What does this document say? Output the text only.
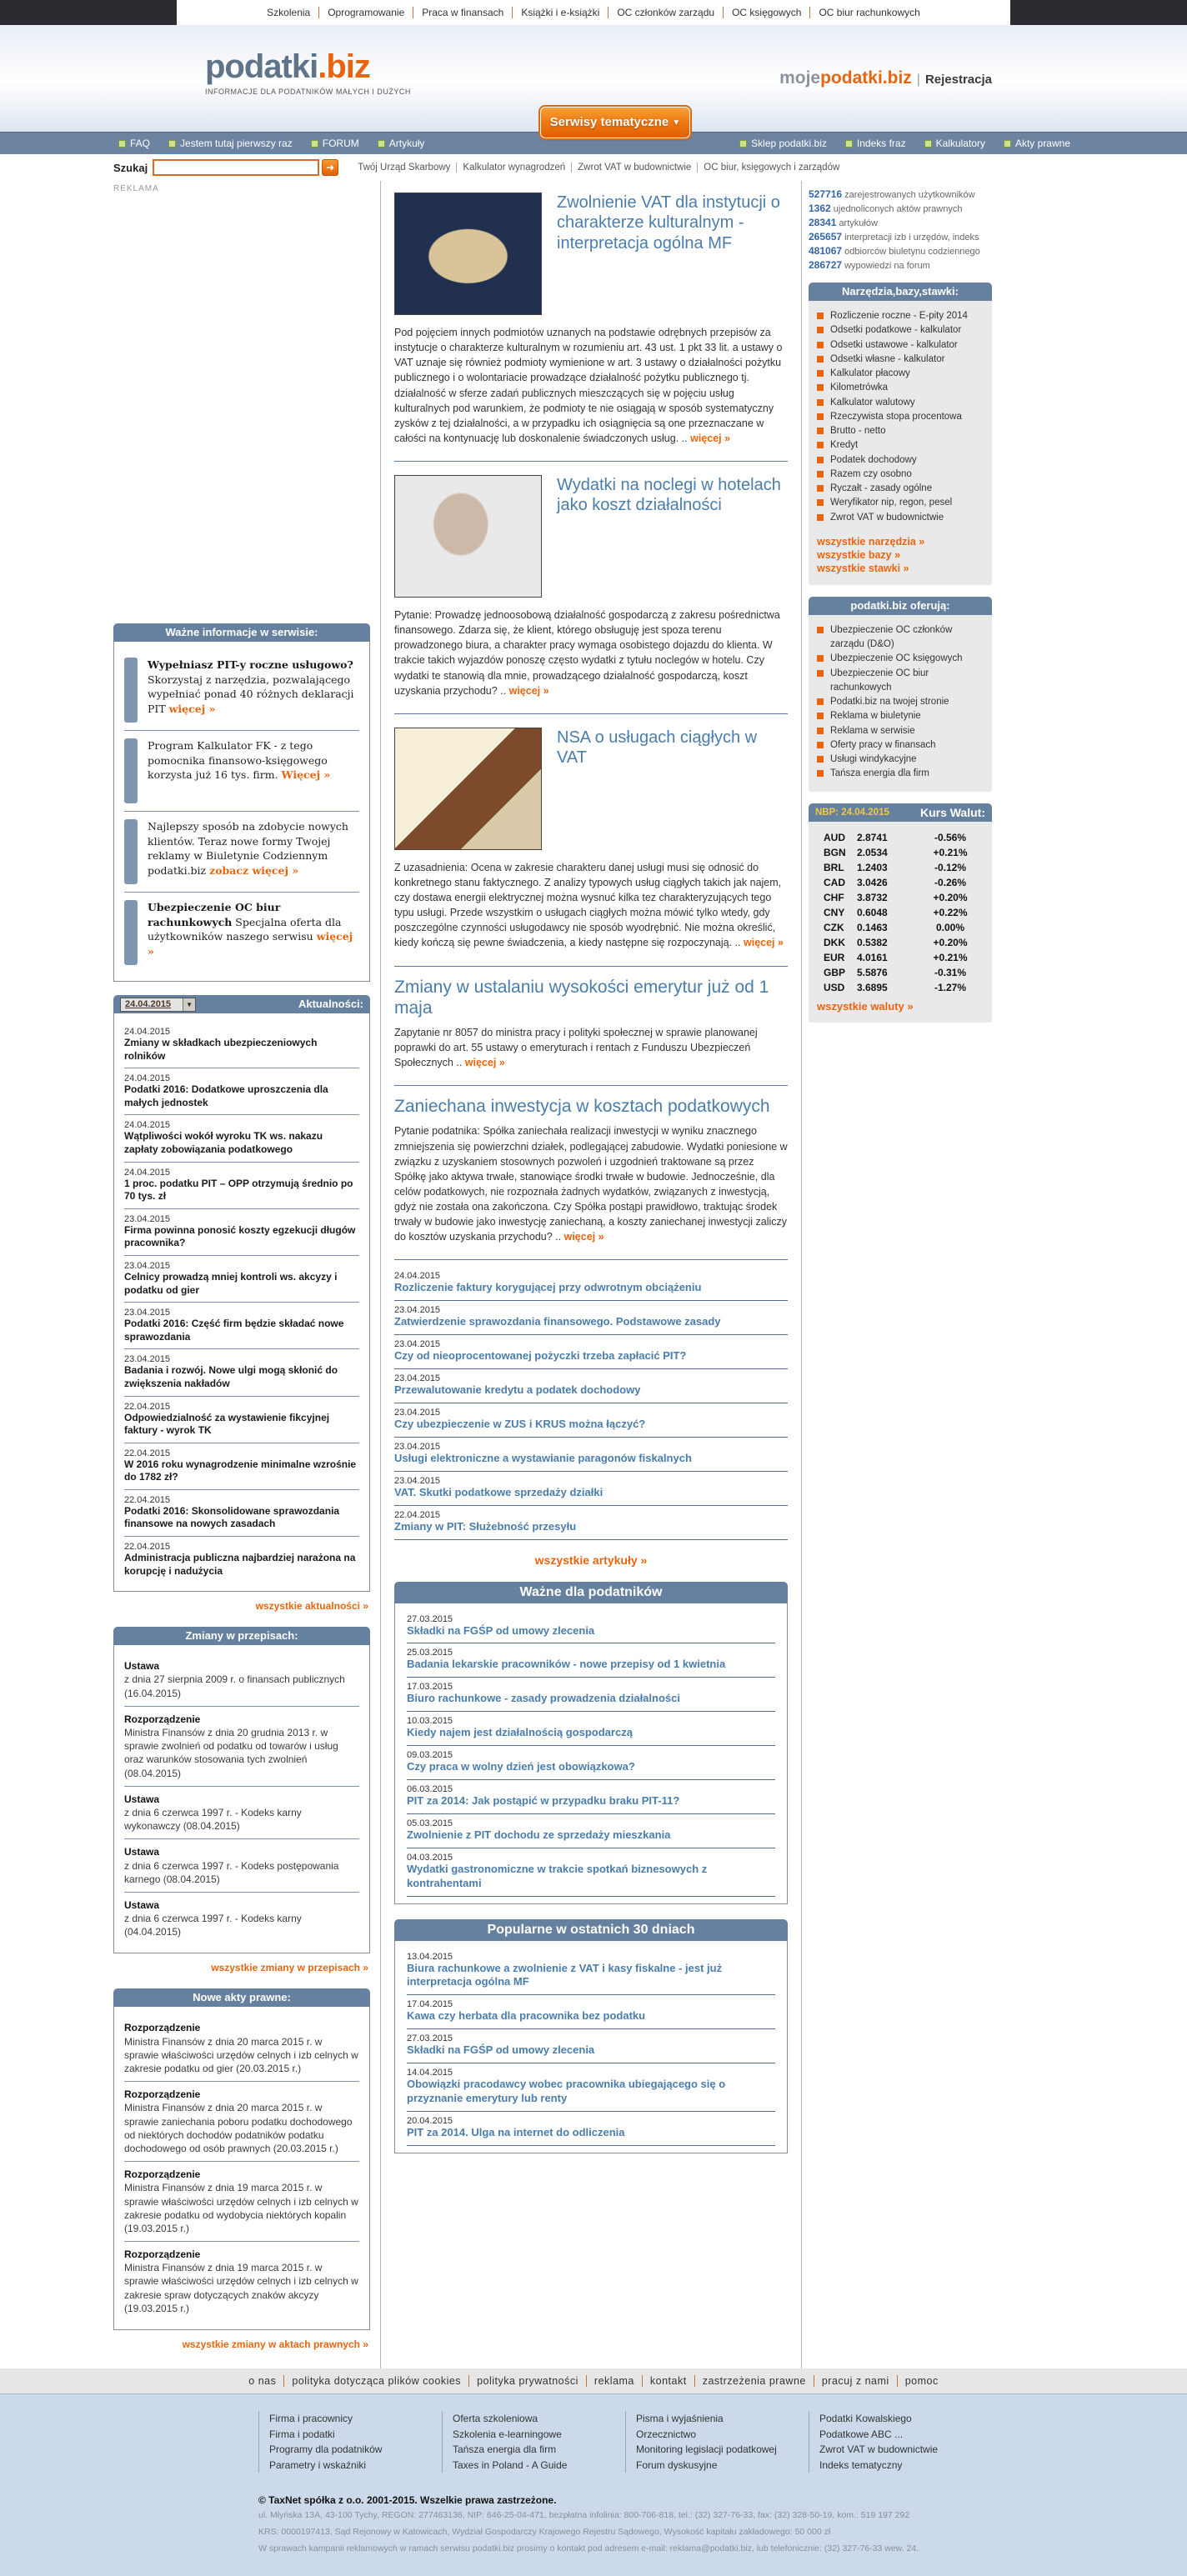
Szkolenia Oprogramowanie Praca w finansach Książki i e-książki OC członków zarządu OC księgowych OC biur rachunkowych
podatki.biz
INFORMACJE DLA PODATNIKÓW MAŁYCH I DUŻYCH
mojepodatki.biz | Rejestracja
Serwisy tematyczne ▼
FAQ	Jestem tutaj pierwszy raz	FORUM	Artykuły	Sklep podatki.biz	Indeks fraz	Kalkulatory	Akty prawne
Szukaj	➜	Twój Urząd Skarbowy Kalkulator wynagrodzeń Zwrot VAT w budownictwie OC biur, księgowych i zarządów
REKLAMA
Ważne informacje w serwisie:
Wypełniasz PIT-y roczne usługowo? Skorzystaj z narzędzia, pozwalającego wypełniać ponad 40 różnych deklaracji PIT więcej »
Program Kalkulator FK - z tego pomocnika finansowo-księgowego korzysta już 16 tys. firm. Więcej »
Najlepszy sposób na zdobycie nowych klientów. Teraz nowe formy Twojej reklamy w Biuletynie Codziennym podatki.biz zobacz więcej »
Ubezpieczenie OC biur rachunkowych Specjalna oferta dla użytkowników naszego serwisu więcej »
24.04.2015	▼	Aktualności:
24.04.2015
Zmiany w składkach ubezpieczeniowych rolników
24.04.2015
Podatki 2016: Dodatkowe uproszczenia dla małych jednostek
24.04.2015
Wątpliwości wokół wyroku TK ws. nakazu zapłaty zobowiązania podatkowego
24.04.2015
1 proc. podatku PIT – OPP otrzymują średnio po 70 tys. zł
23.04.2015
Firma powinna ponosić koszty egzekucji długów pracownika?
23.04.2015
Celnicy prowadzą mniej kontroli ws. akcyzy i podatku od gier
23.04.2015
Podatki 2016: Część firm będzie składać nowe sprawozdania
23.04.2015
Badania i rozwój. Nowe ulgi mogą skłonić do zwiększenia nakładów
22.04.2015
Odpowiedzialność za wystawienie fikcyjnej faktury - wyrok TK
22.04.2015
W 2016 roku wynagrodzenie minimalne wzrośnie do 1782 zł?
22.04.2015
Podatki 2016: Skonsolidowane sprawozdania finansowe na nowych zasadach
22.04.2015
Administracja publiczna najbardziej narażona na korupcję i nadużycia
wszystkie aktualności »
Zmiany w przepisach:
Ustawa
z dnia 27 sierpnia 2009 r. o finansach publicznych (16.04.2015)
Rozporządzenie
Ministra Finansów z dnia 20 grudnia 2013 r. w sprawie zwolnień od podatku od towarów i usług oraz warunków stosowania tych zwolnień (08.04.2015)
Ustawa
z dnia 6 czerwca 1997 r. - Kodeks karny wykonawczy (08.04.2015)
Ustawa
z dnia 6 czerwca 1997 r. - Kodeks postępowania karnego (08.04.2015)
Ustawa
z dnia 6 czerwca 1997 r. - Kodeks karny (04.04.2015)
wszystkie zmiany w przepisach »
Nowe akty prawne:
Rozporządzenie
Ministra Finansów z dnia 20 marca 2015 r. w sprawie właściwości urzędów celnych i izb celnych w zakresie podatku od gier (20.03.2015 r.)
Rozporządzenie
Ministra Finansów z dnia 20 marca 2015 r. w sprawie zaniechania poboru podatku dochodowego od niektórych dochodów podatników podatku dochodowego od osób prawnych (20.03.2015 r.)
Rozporządzenie
Ministra Finansów z dnia 19 marca 2015 r. w sprawie właściwości urzędów celnych i izb celnych w zakresie podatku od wydobycia niektórych kopalin (19.03.2015 r.)
Rozporządzenie
Ministra Finansów z dnia 19 marca 2015 r. w sprawie właściwości urzędów celnych i izb celnych w zakresie spraw dotyczących znaków akcyzy (19.03.2015 r.)
wszystkie zmiany w aktach prawnych »
Zwolnienie VAT dla instytucji o charakterze kulturalnym - interpretacja ogólna MF
Pod pojęciem innych podmiotów uznanych na podstawie odrębnych przepisów za instytucje o charakterze kulturalnym w rozumieniu art. 43 ust. 1 pkt 33 lit. a ustawy o VAT uznaje się również podmioty wymienione w art. 3 ustawy o działalności pożytku publicznego i o wolontariacie prowadzące działalność pożytku publicznego tj. działalność w sferze zadań publicznych mieszczących się w pojęciu usług kulturalnych pod warunkiem, że podmioty te nie osiągają w sposób systematyczny zysków z tej działalności, a w przypadku ich osiągnięcia są one przeznaczane w całości na kontynuację lub doskonalenie świadczonych usług. .. więcej »
Wydatki na noclegi w hotelach jako koszt działalności
Pytanie: Prowadzę jednoosobową działalność gospodarczą z zakresu pośrednictwa finansowego. Zdarza się, że klient, którego obsługuję jest spoza terenu prowadzonego biura, a charakter pracy wymaga osobistego dojazdu do klienta. W trakcie takich wyjazdów ponoszę często wydatki z tytułu noclegów w hotelu. Czy wydatki te stanowią dla mnie, prowadzącego działalność gospodarczą, koszt uzyskania przychodu? .. więcej »
NSA o usługach ciągłych w VAT
Z uzasadnienia: Ocena w zakresie charakteru danej usługi musi się odnosić do konkretnego stanu faktycznego. Z analizy typowych usług ciągłych takich jak najem, czy dostawa energii elektrycznej można wysnuć kilka tez charakteryzujących tego typu usługi. Przede wszystkim o usługach ciągłych można mówić tylko wtedy, gdy poszczególne czynności usługodawcy nie sposób wyodrębnić. Nie można określić, kiedy kończą się pewne świadczenia, a kiedy następne się rozpoczynają. .. więcej »
Zmiany w ustalaniu wysokości emerytur już od 1 maja
Zapytanie nr 8057 do ministra pracy i polityki społecznej w sprawie planowanej poprawki do art. 55 ustawy o emeryturach i rentach z Funduszu Ubezpieczeń Społecznych .. więcej »
Zaniechana inwestycja w kosztach podatkowych
Pytanie podatnika: Spółka zaniechała realizacji inwestycji w wyniku znacznego zmniejszenia się powierzchni działek, podlegającej zabudowie. Wydatki poniesione w związku z uzyskaniem stosownych pozwoleń i uzgodnień traktowane są przez Spółkę jako aktywa trwałe, stanowiące środki trwałe w budowie. Jednocześnie, dla celów podatkowych, nie rozpoznała żadnych wydatków, związanych z inwestycją, gdyż nie została ona zakończona. Czy Spółka postąpi prawidłowo, traktując środek trwały w budowie jako inwestycję zaniechaną, a koszty zaniechanej inwestycji zaliczy do kosztów uzyskania przychodu? .. więcej »
24.04.2015
Rozliczenie faktury korygującej przy odwrotnym obciążeniu
23.04.2015
Zatwierdzenie sprawozdania finansowego. Podstawowe zasady
23.04.2015
Czy od nieoprocentowanej pożyczki trzeba zapłacić PIT?
23.04.2015
Przewalutowanie kredytu a podatek dochodowy
23.04.2015
Czy ubezpieczenie w ZUS i KRUS można łączyć?
23.04.2015
Usługi elektroniczne a wystawianie paragonów fiskalnych
23.04.2015
VAT. Skutki podatkowe sprzedaży działki
22.04.2015
Zmiany w PIT: Służebność przesyłu
wszystkie artykuły »
Ważne dla podatników
27.03.2015
Składki na FGŚP od umowy zlecenia
25.03.2015
Badania lekarskie pracowników - nowe przepisy od 1 kwietnia
17.03.2015
Biuro rachunkowe - zasady prowadzenia działalności
10.03.2015
Kiedy najem jest działalnością gospodarczą
09.03.2015
Czy praca w wolny dzień jest obowiązkowa?
06.03.2015
PIT za 2014: Jak postąpić w przypadku braku PIT-11?
05.03.2015
Zwolnienie z PIT dochodu ze sprzedaży mieszkania
04.03.2015
Wydatki gastronomiczne w trakcie spotkań biznesowych z kontrahentami
Popularne w ostatnich 30 dniach
13.04.2015
Biura rachunkowe a zwolnienie z VAT i kasy fiskalne - jest już interpretacja ogólna MF
17.04.2015
Kawa czy herbata dla pracownika bez podatku
27.03.2015
Składki na FGŚP od umowy zlecenia
14.04.2015
Obowiązki pracodawcy wobec pracownika ubiegającego się o przyznanie emerytury lub renty
20.04.2015
PIT za 2014. Ulga na internet do odliczenia
527716 zarejestrowanych użytkowników
1362 ujednoliconych aktów prawnych
28341 artykułów
265657 interpretacji izb i urzędów, indeks
481067 odbiorców biuletynu codziennego
286727 wypowiedzi na forum
Narzędzia,bazy,stawki:
Rozliczenie roczne - E-pity 2014
Odsetki podatkowe - kalkulator
Odsetki ustawowe - kalkulator
Odsetki własne - kalkulator
Kalkulator płacowy
Kilometrówka
Kalkulator walutowy
Rzeczywista stopa procentowa
Brutto - netto
Kredyt
Podatek dochodowy
Razem czy osobno
Ryczałt - zasady ogólne
Weryfikator nip, regon, pesel
Zwrot VAT w budownictwie
wszystkie narzędzia »
wszystkie bazy »
wszystkie stawki »
podatki.biz oferują:
Ubezpieczenie OC członków zarządu (D&O)
Ubezpieczenie OC księgowych
Ubezpieczenie OC biur rachunkowych
Podatki.biz na twojej stronie
Reklama w biuletynie
Reklama w serwisie
Oferty pracy w finansach
Usługi windykacyjne
Tańsza energia dla firm
NBP: 24.04.2015	Kurs Walut:
AUD	2.8741	-0.56%
BGN	2.0534	+0.21%
BRL	1.2403	-0.12%
CAD	3.0426	-0.26%
CHF	3.8732	+0.20%
CNY	0.6048	+0.22%
CZK	0.1463	0.00%
DKK	0.5382	+0.20%
EUR	4.0161	+0.21%
GBP	5.5876	-0.31%
USD	3.6895	-1.27%
wszystkie waluty »
o nas polityka dotycząca plików cookies polityka prywatności reklama kontakt zastrzeżenia prawne pracuj z nami pomoc
Firma i pracownicy
Firma i podatki
Programy dla podatników
Parametry i wskaźniki
Oferta szkoleniowa
Szkolenia e-learningowe
Tańsza energia dla firm
Taxes in Poland - A Guide
Pisma i wyjaśnienia
Orzecznictwo
Monitoring legislacji podatkowej
Forum dyskusyjne
Podatki Kowalskiego
Podatkowe ABC ...
Zwrot VAT w budownictwie
Indeks tematyczny
© TaxNet spółka z o.o. 2001-2015. Wszelkie prawa zastrzeżone.
ul. Młyńska 13A, 43-100 Tychy, REGON: 277463136, NIP: 646-25-04-471, bezpłatna infolinia: 800-706-818, tel.: (32) 327-76-33, fax: (32) 328-50-19, kom.: 519 197 292
KRS: 0000197413, Sąd Rejonowy w Katowicach, Wydział Gospodarczy Krajowego Rejestru Sądowego, Wysokość kapitału zakładowego: 50 000 zł
W sprawach kampanii reklamowych w ramach serwisu podatki.biz prosimy o kontakt pod adresem e-mail: reklama@podatki.biz, lub telefonicznie: (32) 327-76-33 wew. 24.
